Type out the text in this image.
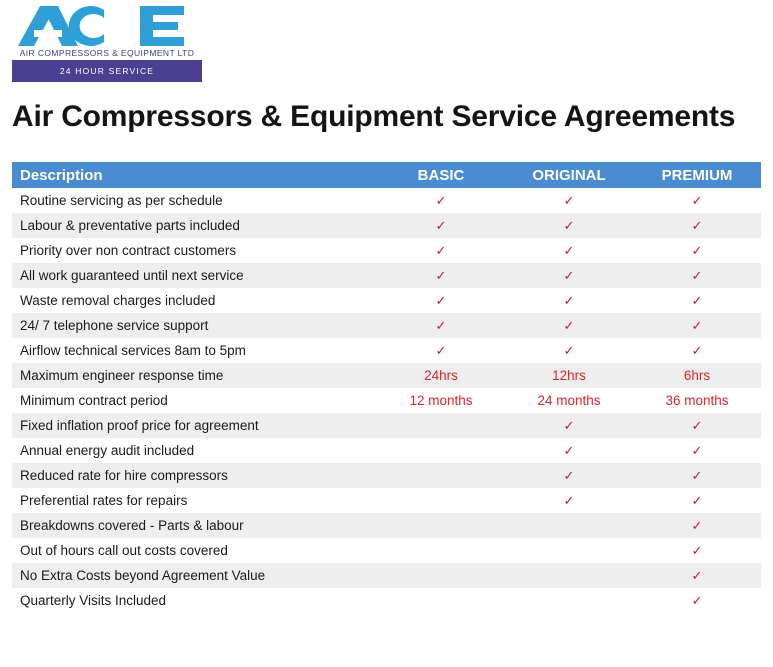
AIR COMPRESSORS & EQUIPMENT LTD
24 HOUR SERVICE
Air Compressors & Equipment Service Agreements
Description	BASIC	ORIGINAL	PREMIUM
Routine servicing as per schedule	✓	✓	✓
Labour & preventative parts included	✓	✓	✓
Priority over non contract customers	✓	✓	✓
All work guaranteed until next service	✓	✓	✓
Waste removal charges included	✓	✓	✓
24/ 7 telephone service support	✓	✓	✓
Airflow technical services 8am to 5pm	✓	✓	✓
Maximum engineer response time	24hrs	12hrs	6hrs
Minimum contract period	12 months	24 months	36 months
Fixed inflation proof price for agreement		✓	✓
Annual energy audit included		✓	✓
Reduced rate for hire compressors		✓	✓
Preferential rates for repairs		✓	✓
Breakdowns covered - Parts & labour			✓
Out of hours call out costs covered			✓
No Extra Costs beyond Agreement Value			✓
Quarterly Visits Included			✓
